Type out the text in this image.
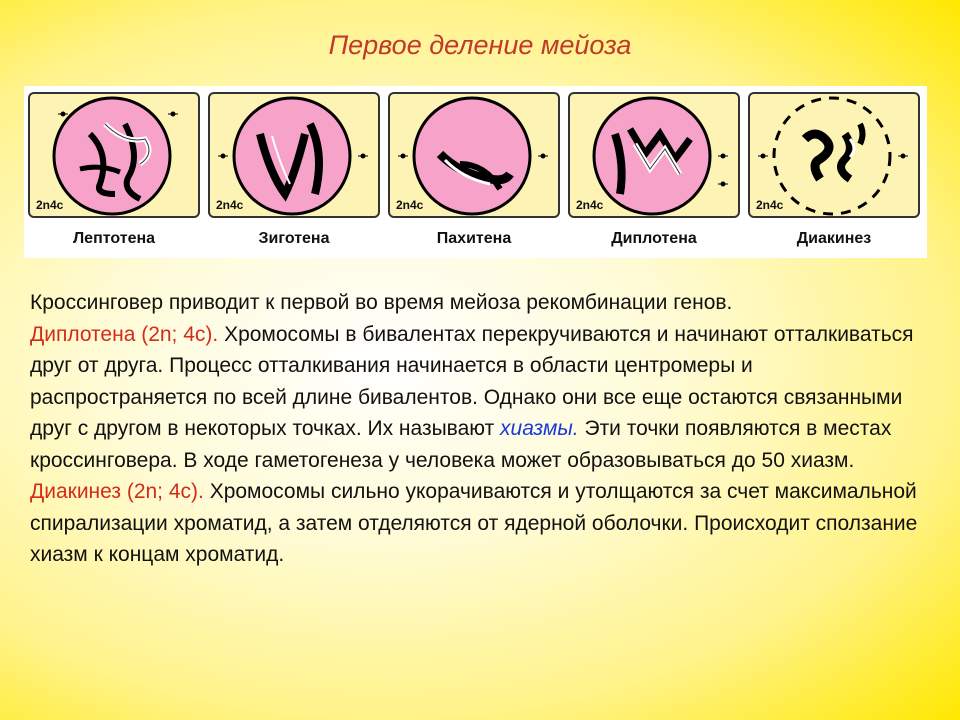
Первое деление мейоза
2n4c
Лептотена
2n4c
Зиготена
2n4c
Пахитена
2n4c
Диплотена
2n4c
Диакинез
Кроссинговер приводит к первой во время мейоза рекомбинации генов.
Диплотена (2n; 4c). Хромосомы в бивалентах перекручиваются и начинают отталкиваться друг от друга. Процесс отталкивания начинается в области центромеры и распространяется по всей длине бивалентов. Однако они все еще остаются связанными друг с другом в некоторых точках. Их называют хиазмы. Эти точки появляются в местах кроссинговера. В ходе гаметогенеза у человека может образовываться до 50 хиазм.
Диакинез (2n; 4c). Хромосомы сильно укорачиваются и утолщаются за счет максимальной спирализации хроматид, а затем отделяются от ядерной оболочки. Происходит сползание хиазм к концам хроматид.
